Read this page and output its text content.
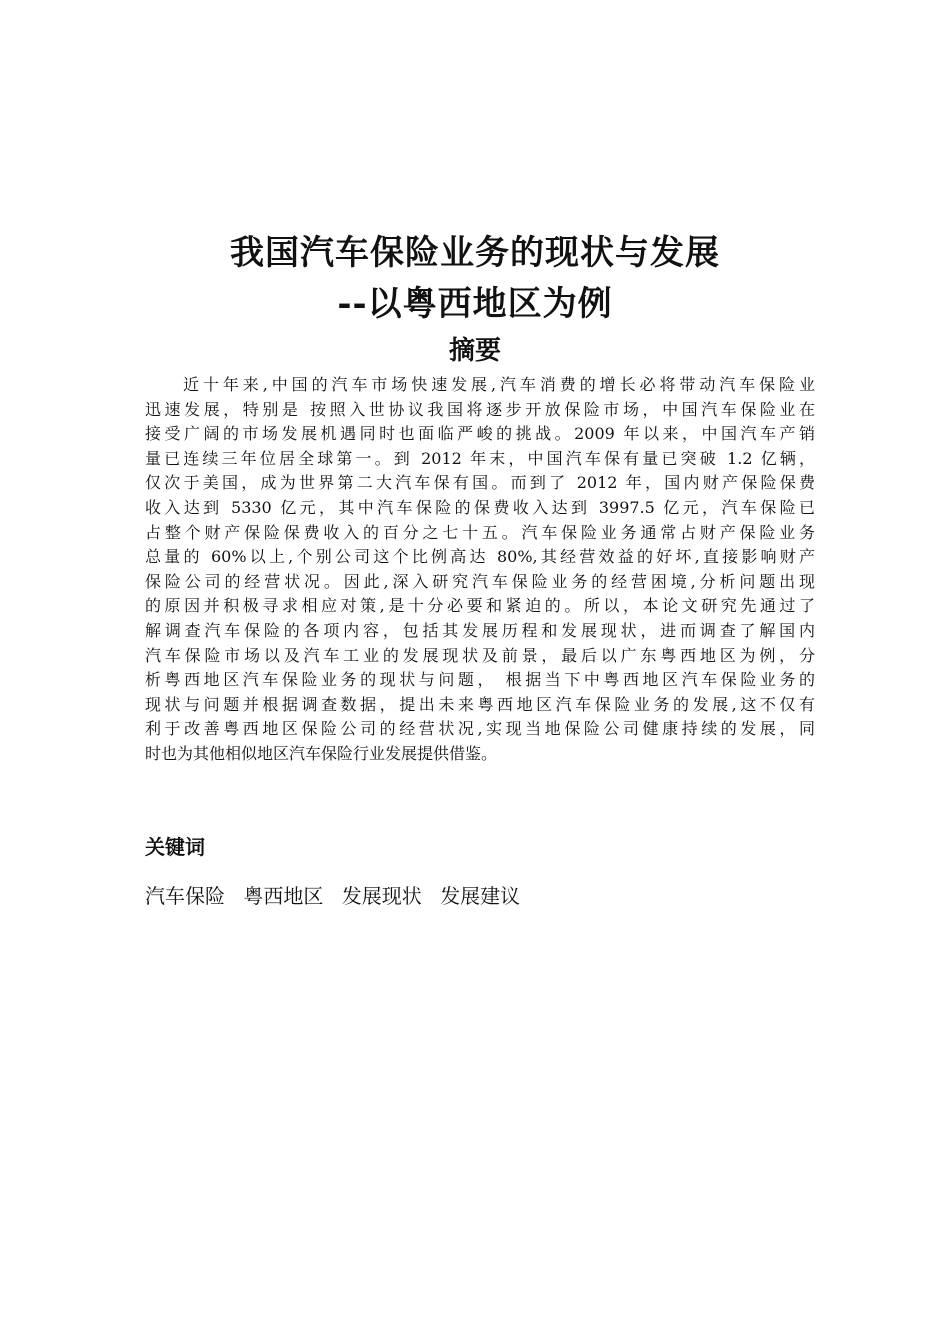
我国汽车保险业务的现状与发展
--以粤西地区为例
摘要
近十年来,中国的汽车市场快速发展,汽车消费的增长必将带动汽车保险业
迅速发展，特别是 按照入世协议我国将逐步开放保险市场，中国汽车保险业在
接受广阔的市场发展机遇同时也面临严峻的挑战。2009 年以来，中国汽车产销
量已连续三年位居全球第一。到 2012 年末，中国汽车保有量已突破 1.2 亿辆，
仅次于美国，成为世界第二大汽车保有国。而到了 2012 年，国内财产保险保费
收入达到 5330 亿元，其中汽车保险的保费收入达到 3997.5 亿元，汽车保险已
占整个财产保险保费收入的百分之七十五。汽车保险业务通常占财产保险业务
总量的 60%以上,个别公司这个比例高达 80%,其经营效益的好坏,直接影响财产
保险公司的经营状况。因此,深入研究汽车保险业务的经营困境,分析问题出现
的原因并积极寻求相应对策,是十分必要和紧迫的。所以，本论文研究先通过了
解调查汽车保险的各项内容，包括其发展历程和发展现状，进而调查了解国内
汽车保险市场以及汽车工业的发展现状及前景，最后以广东粤西地区为例，分
析粤西地区汽车保险业务的现状与问题， 根据当下中粤西地区汽车保险业务的
现状与问题并根据调查数据，提出未来粤西地区汽车保险业务的发展,这不仅有
利于改善粤西地区保险公司的经营状况,实现当地保险公司健康持续的发展，同
时也为其他相似地区汽车保险行业发展提供借鉴。
关键词
汽车保险 粤西地区 发展现状 发展建议
